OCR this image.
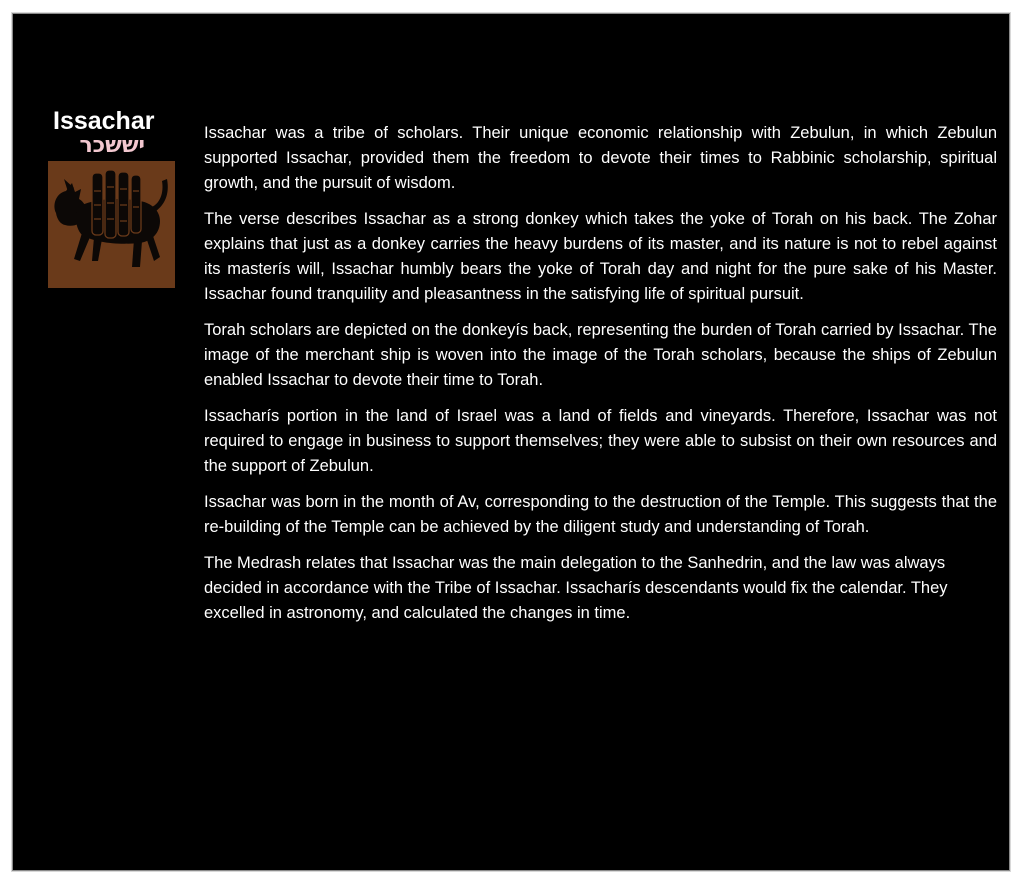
Issachar
יששכר	Issachar was a tribe of scholars. Their unique economic relationship with Zebulun, in which Zebulun supported Issachar, provided them the freedom to devote their times to Rabbinic scholarship, spiritual growth, and the pursuit of wisdom.

The verse describes Issachar as a strong donkey which takes the yoke of Torah on his back. The Zohar explains that just as a donkey carries the heavy burdens of its master, and its nature is not to rebel against its masterís will, Issachar humbly bears the yoke of Torah day and night for the pure sake of his Master. Issachar found tranquility and pleasantness in the satisfying life of spiritual pursuit.

Torah scholars are depicted on the donkeyís back, representing the burden of Torah carried by Issachar. The image of the merchant ship is woven into the image of the Torah scholars, because the ships of Zebulun enabled Issachar to devote their time to Torah.

Issacharís portion in the land of Israel was a land of fields and vineyards. Therefore, Issachar was not required to engage in business to support themselves; they were able to subsist on their own resources and the support of Zebulun.

Issachar was born in the month of Av, corresponding to the destruction of the Temple. This suggests that the re-building of the Temple can be achieved by the diligent study and understanding of Torah.

The Medrash relates that Issachar was the main delegation to the Sanhedrin, and the law was always decided in accordance with the Tribe of Issachar. Issacharís descendants would fix the calendar. They excelled in astronomy, and calculated the changes in time.
